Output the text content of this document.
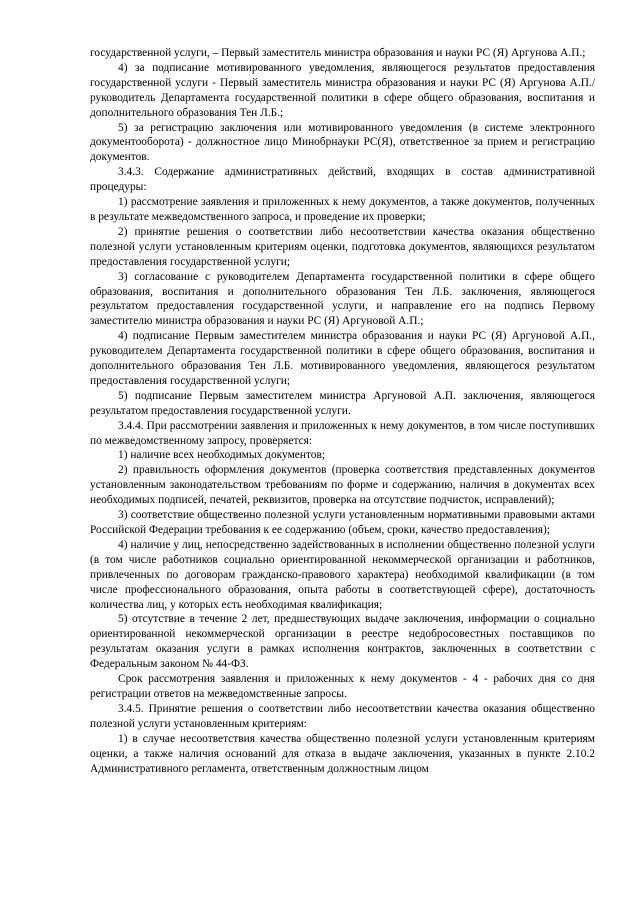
государственной услуги, – Первый заместитель министра образования и науки РС (Я) Аргунова А.П.;

4) за подписание мотивированного уведомления, являющегося результатов предоставления государственной услуги - Первый заместитель министра образования и науки РС (Я) Аргунова А.П./ руководитель Департамента государственной политики в сфере общего образования, воспитания и дополнительного образования Тен Л.Б.;

5) за регистрацию заключения или мотивированного уведомления (в системе электронного документооборота) - должностное лицо Минобрнауки РС(Я), ответственное за прием и регистрацию документов.

3.4.3. Содержание административных действий, входящих в состав административной процедуры:

1) рассмотрение заявления и приложенных к нему документов, а также документов, полученных в результате межведомственного запроса, и проведение их проверки;

2) принятие решения о соответствии либо несоответствии качества оказания общественно полезной услуги установленным критериям оценки, подготовка документов, являющихся результатом предоставления государственной услуги;

3) согласование с руководителем Департамента государственной политики в сфере общего образования, воспитания и дополнительного образования Тен Л.Б. заключения, являющегося результатом предоставления государственной услуги, и направление его на подпись Первому заместителю министра образования и науки РС (Я) Аргуновой А.П.;

4) подписание Первым заместителем министра образования и науки РС (Я) Аргуновой А.П., руководителем Департамента государственной политики в сфере общего образования, воспитания и дополнительного образования Тен Л.Б. мотивированного уведомления, являющегося результатом предоставления государственной услуги;

5) подписание Первым заместителем министра Аргуновой А.П. заключения, являющегося результатом предоставления государственной услуги.

3.4.4. При рассмотрении заявления и приложенных к нему документов, в том числе поступивших по межведомственному запросу, проверяется:

1) наличие всех необходимых документов;

2) правильность оформления документов (проверка соответствия представленных документов установленным законодательством требованиям по форме и содержанию, наличия в документах всех необходимых подписей, печатей, реквизитов, проверка на отсутствие подчисток, исправлений);

3) соответствие общественно полезной услуги установленным нормативными правовыми актами Российской Федерации требования к ее содержанию (объем, сроки, качество предоставления);

4) наличие у лиц, непосредственно задействованных в исполнении общественно полезной услуги (в том числе работников социально ориентированной некоммерческой организации и работников, привлеченных по договорам гражданско-правового характера) необходимой квалификации (в том числе профессионального образования, опыта работы в соответствующей сфере), достаточность количества лиц, у которых есть необходимая квалификация;

5) отсутствие в течение 2 лет, предшествующих выдаче заключения, информации о социально ориентированной некоммерческой организации в реестре недобросовестных поставщиков по результатам оказания услуги в рамках исполнения контрактов, заключенных в соответствии с Федеральным законом № 44-ФЗ.

Срок рассмотрения заявления и приложенных к нему документов - 4 - рабочих дня со дня регистрации ответов на межведомственные запросы.

3.4.5. Принятие решения о соответствии либо несоответствии качества оказания общественно полезной услуги установленным критериям:

1) в случае несоответствия качества общественно полезной услуги установленным критериям оценки, а также наличия оснований для отказа в выдаче заключения, указанных в пункте 2.10.2 Административного регламента, ответственным должностным лицом
